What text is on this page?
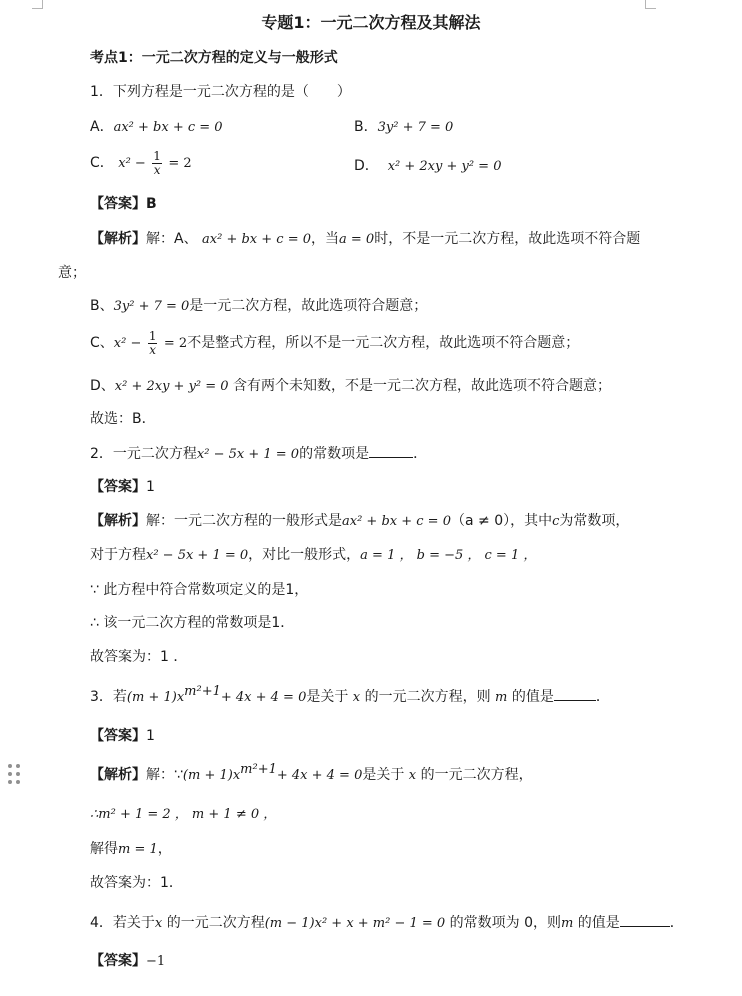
专题1：一元二次方程及其解法
考点1：一元二次方程的定义与一般形式
1．下列方程是一元二次方程的是（　　）
A．ax² + bx + c = 0	B．3y² + 7 = 0
C． $x^2 - \frac{1}{x} = 2$	D． x² + 2xy + y² = 0
【答案】B
【解析】解：A、 ax² + bx + c = 0，当a = 0时，不是一元二次方程，故此选项不符合题
意；
B、3y² + 7 = 0是一元二次方程，故此选项符合题意；
C、$x^2 - \frac{1}{x} = 2$不是整式方程，所以不是一元二次方程，故此选项不符合题意；
D、x² + 2xy + y² = 0 含有两个未知数，不是一元二次方程，故此选项不符合题意；
故选：B．
2．一元二次方程x² − 5x + 1 = 0的常数项是	．
【答案】1
【解析】解：一元二次方程的一般形式是ax² + bx + c = 0（a ≠ 0），其中c为常数项，
对于方程x² − 5x + 1 = 0，对比一般形式，a = 1 ， b = −5 ， c = 1 ，
∵ 此方程中符合常数项定义的是1，
∴ 该一元二次方程的常数项是1．
故答案为：1 ．
3．若$(m + 1)x^{m^2+1}+ 4x + 4 = 0$是关于 x 的一元二次方程，则 m 的值是	．
【答案】1
【解析】解：∵(m + $1)x^{m^2+1}+ 4x + 4 = 0$是关于 x 的一元二次方程，
∴m² + 1 = 2 ， m + 1 ≠ 0 ，
解得m = 1，
故答案为：1．
4．若关于x 的一元二次方程(m − 1)x² + x + m² − 1 = 0 的常数项为 0，则m 的值是	．
【答案】−1
